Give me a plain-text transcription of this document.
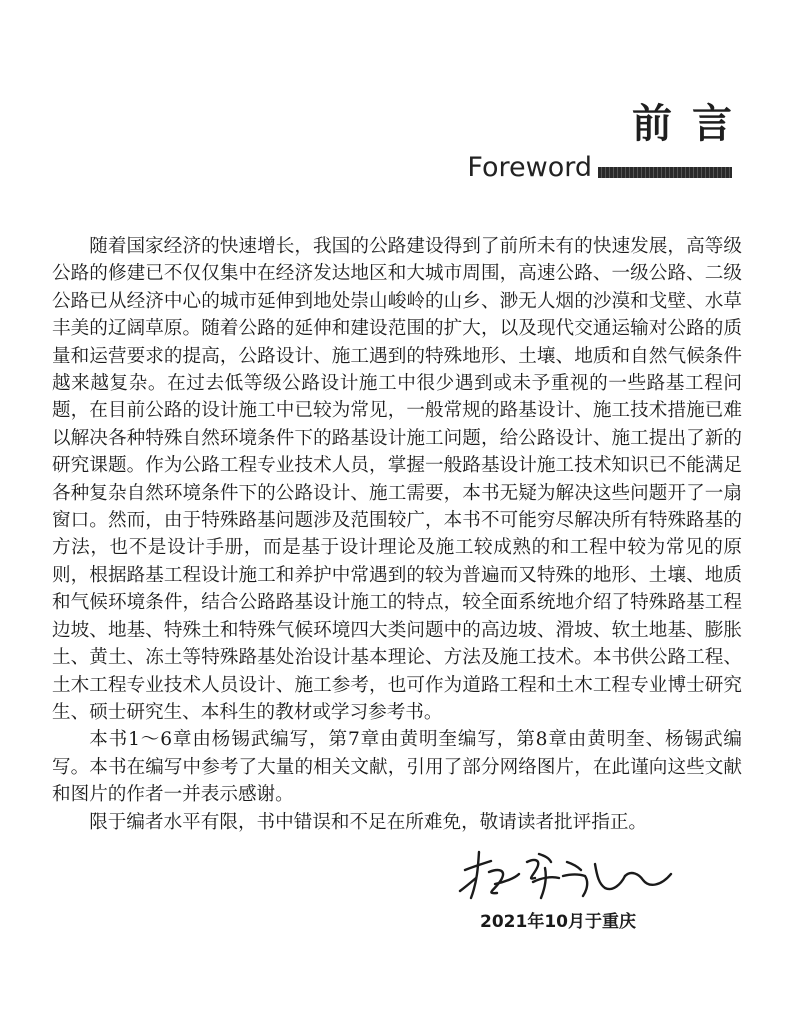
前言
Foreword

随着国家经济的快速增长，我国的公路建设得到了前所未有的快速发展，高等级公路的修建已不仅仅集中在经济发达地区和大城市周围，高速公路、一级公路、二级公路已从经济中心的城市延伸到地处崇山峻岭的山乡、渺无人烟的沙漠和戈壁、水草丰美的辽阔草原。随着公路的延伸和建设范围的扩大，以及现代交通运输对公路的质量和运营要求的提高，公路设计、施工遇到的特殊地形、土壤、地质和自然气候条件越来越复杂。在过去低等级公路设计施工中很少遇到或未予重视的一些路基工程问题，在目前公路的设计施工中已较为常见，一般常规的路基设计、施工技术措施已难以解决各种特殊自然环境条件下的路基设计施工问题，给公路设计、施工提出了新的研究课题。作为公路工程专业技术人员，掌握一般路基设计施工技术知识已不能满足各种复杂自然环境条件下的公路设计、施工需要，本书无疑为解决这些问题开了一扇窗口。然而，由于特殊路基问题涉及范围较广，本书不可能穷尽解决所有特殊路基的方法，也不是设计手册，而是基于设计理论及施工较成熟的和工程中较为常见的原则，根据路基工程设计施工和养护中常遇到的较为普遍而又特殊的地形、土壤、地质和气候环境条件，结合公路路基设计施工的特点，较全面系统地介绍了特殊路基工程边坡、地基、特殊土和特殊气候环境四大类问题中的高边坡、滑坡、软土地基、膨胀土、黄土、冻土等特殊路基处治设计基本理论、方法及施工技术。本书供公路工程、土木工程专业技术人员设计、施工参考，也可作为道路工程和土木工程专业博士研究生、硕士研究生、本科生的教材或学习参考书。

本书1～6章由杨锡武编写，第7章由黄明奎编写，第8章由黄明奎、杨锡武编写。本书在编写中参考了大量的相关文献，引用了部分网络图片，在此谨向这些文献和图片的作者一并表示感谢。

限于编者水平有限，书中错误和不足在所难免，敬请读者批评指正。

2021年10月于重庆
